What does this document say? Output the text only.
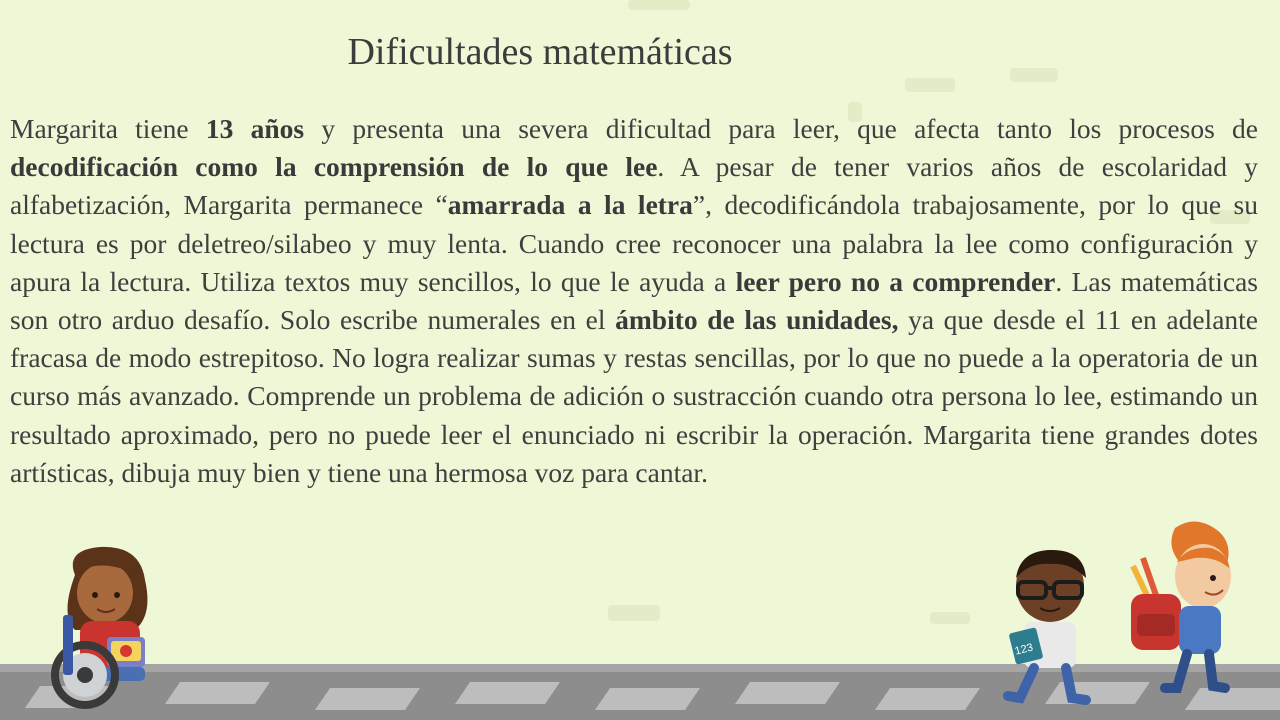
Dificultades matemáticas

Margarita tiene 13 años y presenta una severa dificultad para leer, que afecta tanto los procesos de decodificación como la comprensión de lo que lee. A pesar de tener varios años de escolaridad y alfabetización, Margarita permanece “amarrada a la letra”, decodificándola trabajosamente, por lo que su lectura es por deletreo/silabeo y muy lenta. Cuando cree reconocer una palabra la lee como configuración y apura la lectura. Utiliza textos muy sencillos, lo que le ayuda a leer pero no a comprender. Las matemáticas son otro arduo desafío. Solo escribe numerales en el ámbito de las unidades, ya que desde el 11 en adelante fracasa de modo estrepitoso. No logra realizar sumas y restas sencillas, por lo que no puede a la operatoria de un curso más avanzado. Comprende un problema de adición o sustracción cuando otra persona lo lee, estimando un resultado aproximado, pero no puede leer el enunciado ni escribir la operación. Margarita tiene grandes dotes artísticas, dibuja muy bien y tiene una hermosa voz para cantar.

123
